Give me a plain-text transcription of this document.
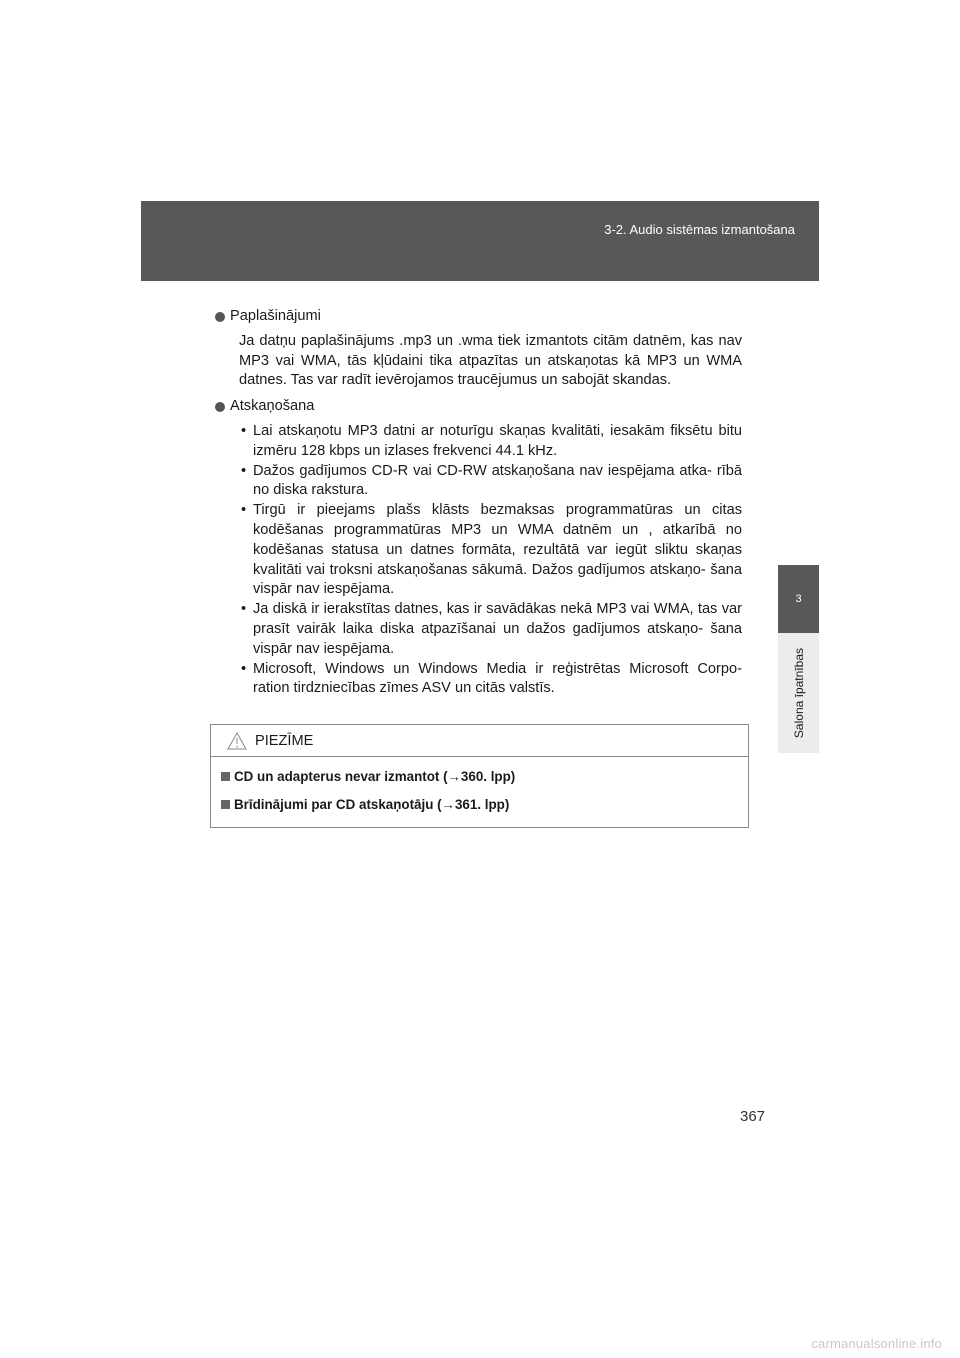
3-2. Audio sistēmas izmantošana
3
Salona īpatnības
Paplašinājumi
Ja datņu paplašinājums .mp3 un .wma tiek izmantots citām datnēm, kas nav MP3 vai WMA, tās kļūdaini tika atpazītas un atskaņotas kā MP3 un WMA datnes. Tas var radīt ievērojamos traucējumus un sabojāt skandas.
Atskaņošana
• Lai atskaņotu MP3 datni ar noturīgu skaņas kvalitāti, iesakām fiksētu bitu izmēru 128 kbps un izlases frekvenci 44.1 kHz.
• Dažos gadījumos CD-R vai CD-RW atskaņošana nav iespējama atka- rībā no diska rakstura.
• Tirgū ir pieejams plašs klāsts bezmaksas programmatūras un citas kodēšanas programmatūras MP3 un WMA datnēm un , atkarībā no kodēšanas statusa un datnes formāta, rezultātā var iegūt sliktu skaņas kvalitāti vai troksni atskaņošanas sākumā. Dažos gadījumos atskaņo- šana vispār nav iespējama.
• Ja diskā ir ierakstītas datnes, kas ir savādākas nekā MP3 vai WMA, tas var prasīt vairāk laika diska atpazīšanai un dažos gadījumos atskaņo- šana vispār nav iespējama.
• Microsoft, Windows un Windows Media ir reģistrētas Microsoft Corpo- ration tirdzniecības zīmes ASV un citās valstīs.
PIEZĪME
CD un adapterus nevar izmantot (→360. lpp)
Brīdinājumi par CD atskaņotāju (→361. lpp)
367
carmanualsonline.info
